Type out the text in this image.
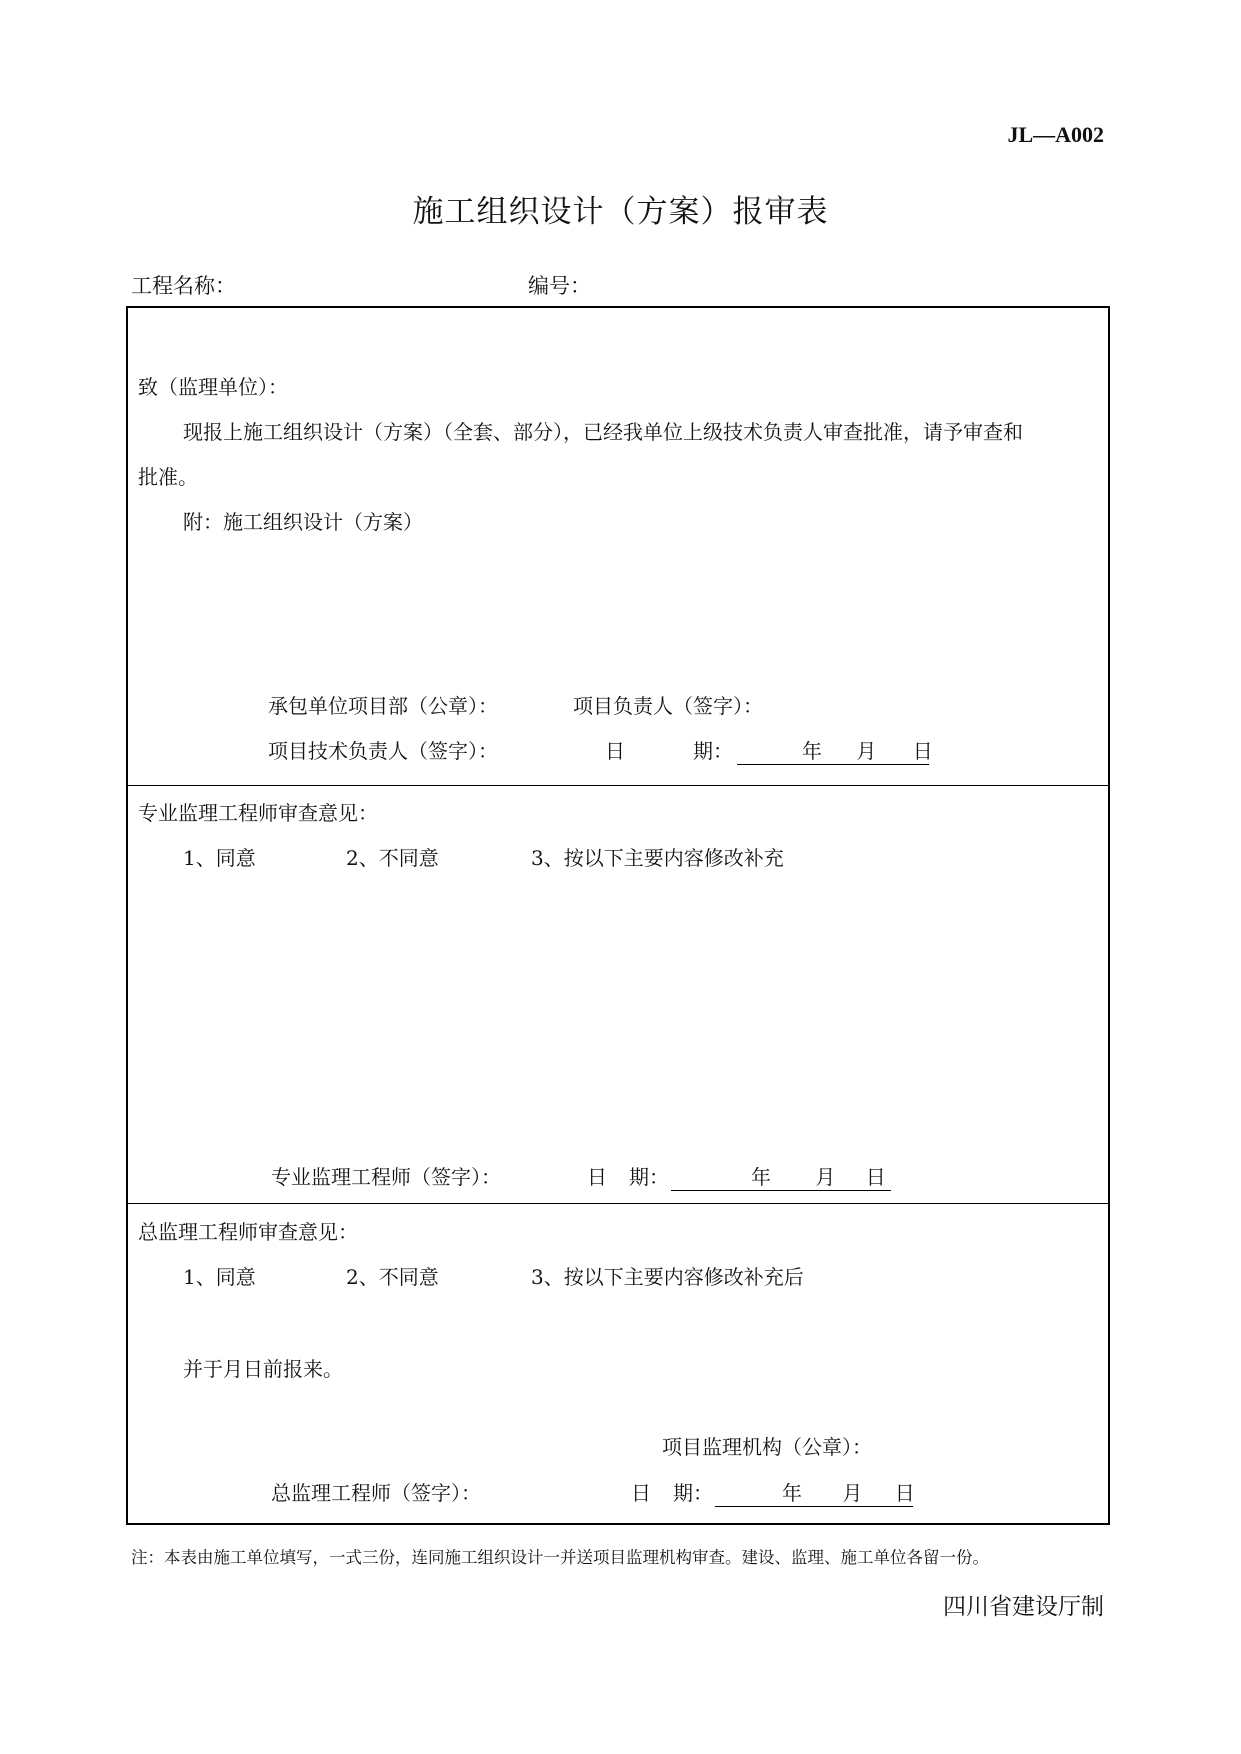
JL—A002
施工组织设计（方案）报审表
工程名称：	编号：
致（监理单位）：
现报上施工组织设计（方案）（全套、部分），已经我单位上级技术负责人审查批准，请予审查和
批准。
附：施工组织设计（方案）
承包单位项目部（公章）：	项目负责人（签字）：
项目技术负责人（签字）：	日	期：	年 月 日
专业监理工程师审查意见：
1、同意	2、不同意	3、按以下主要内容修改补充
专业监理工程师（签字）：	日 期：	年 月 日
总监理工程师审查意见：
1、同意	2、不同意	3、按以下主要内容修改补充后
并于月日前报来。
项目监理机构（公章）：
总监理工程师（签字）：	日 期：	年 月 日
注：本表由施工单位填写，一式三份，连同施工组织设计一并送项目监理机构审查。建设、监理、施工单位各留一份。
四川省建设厅制
